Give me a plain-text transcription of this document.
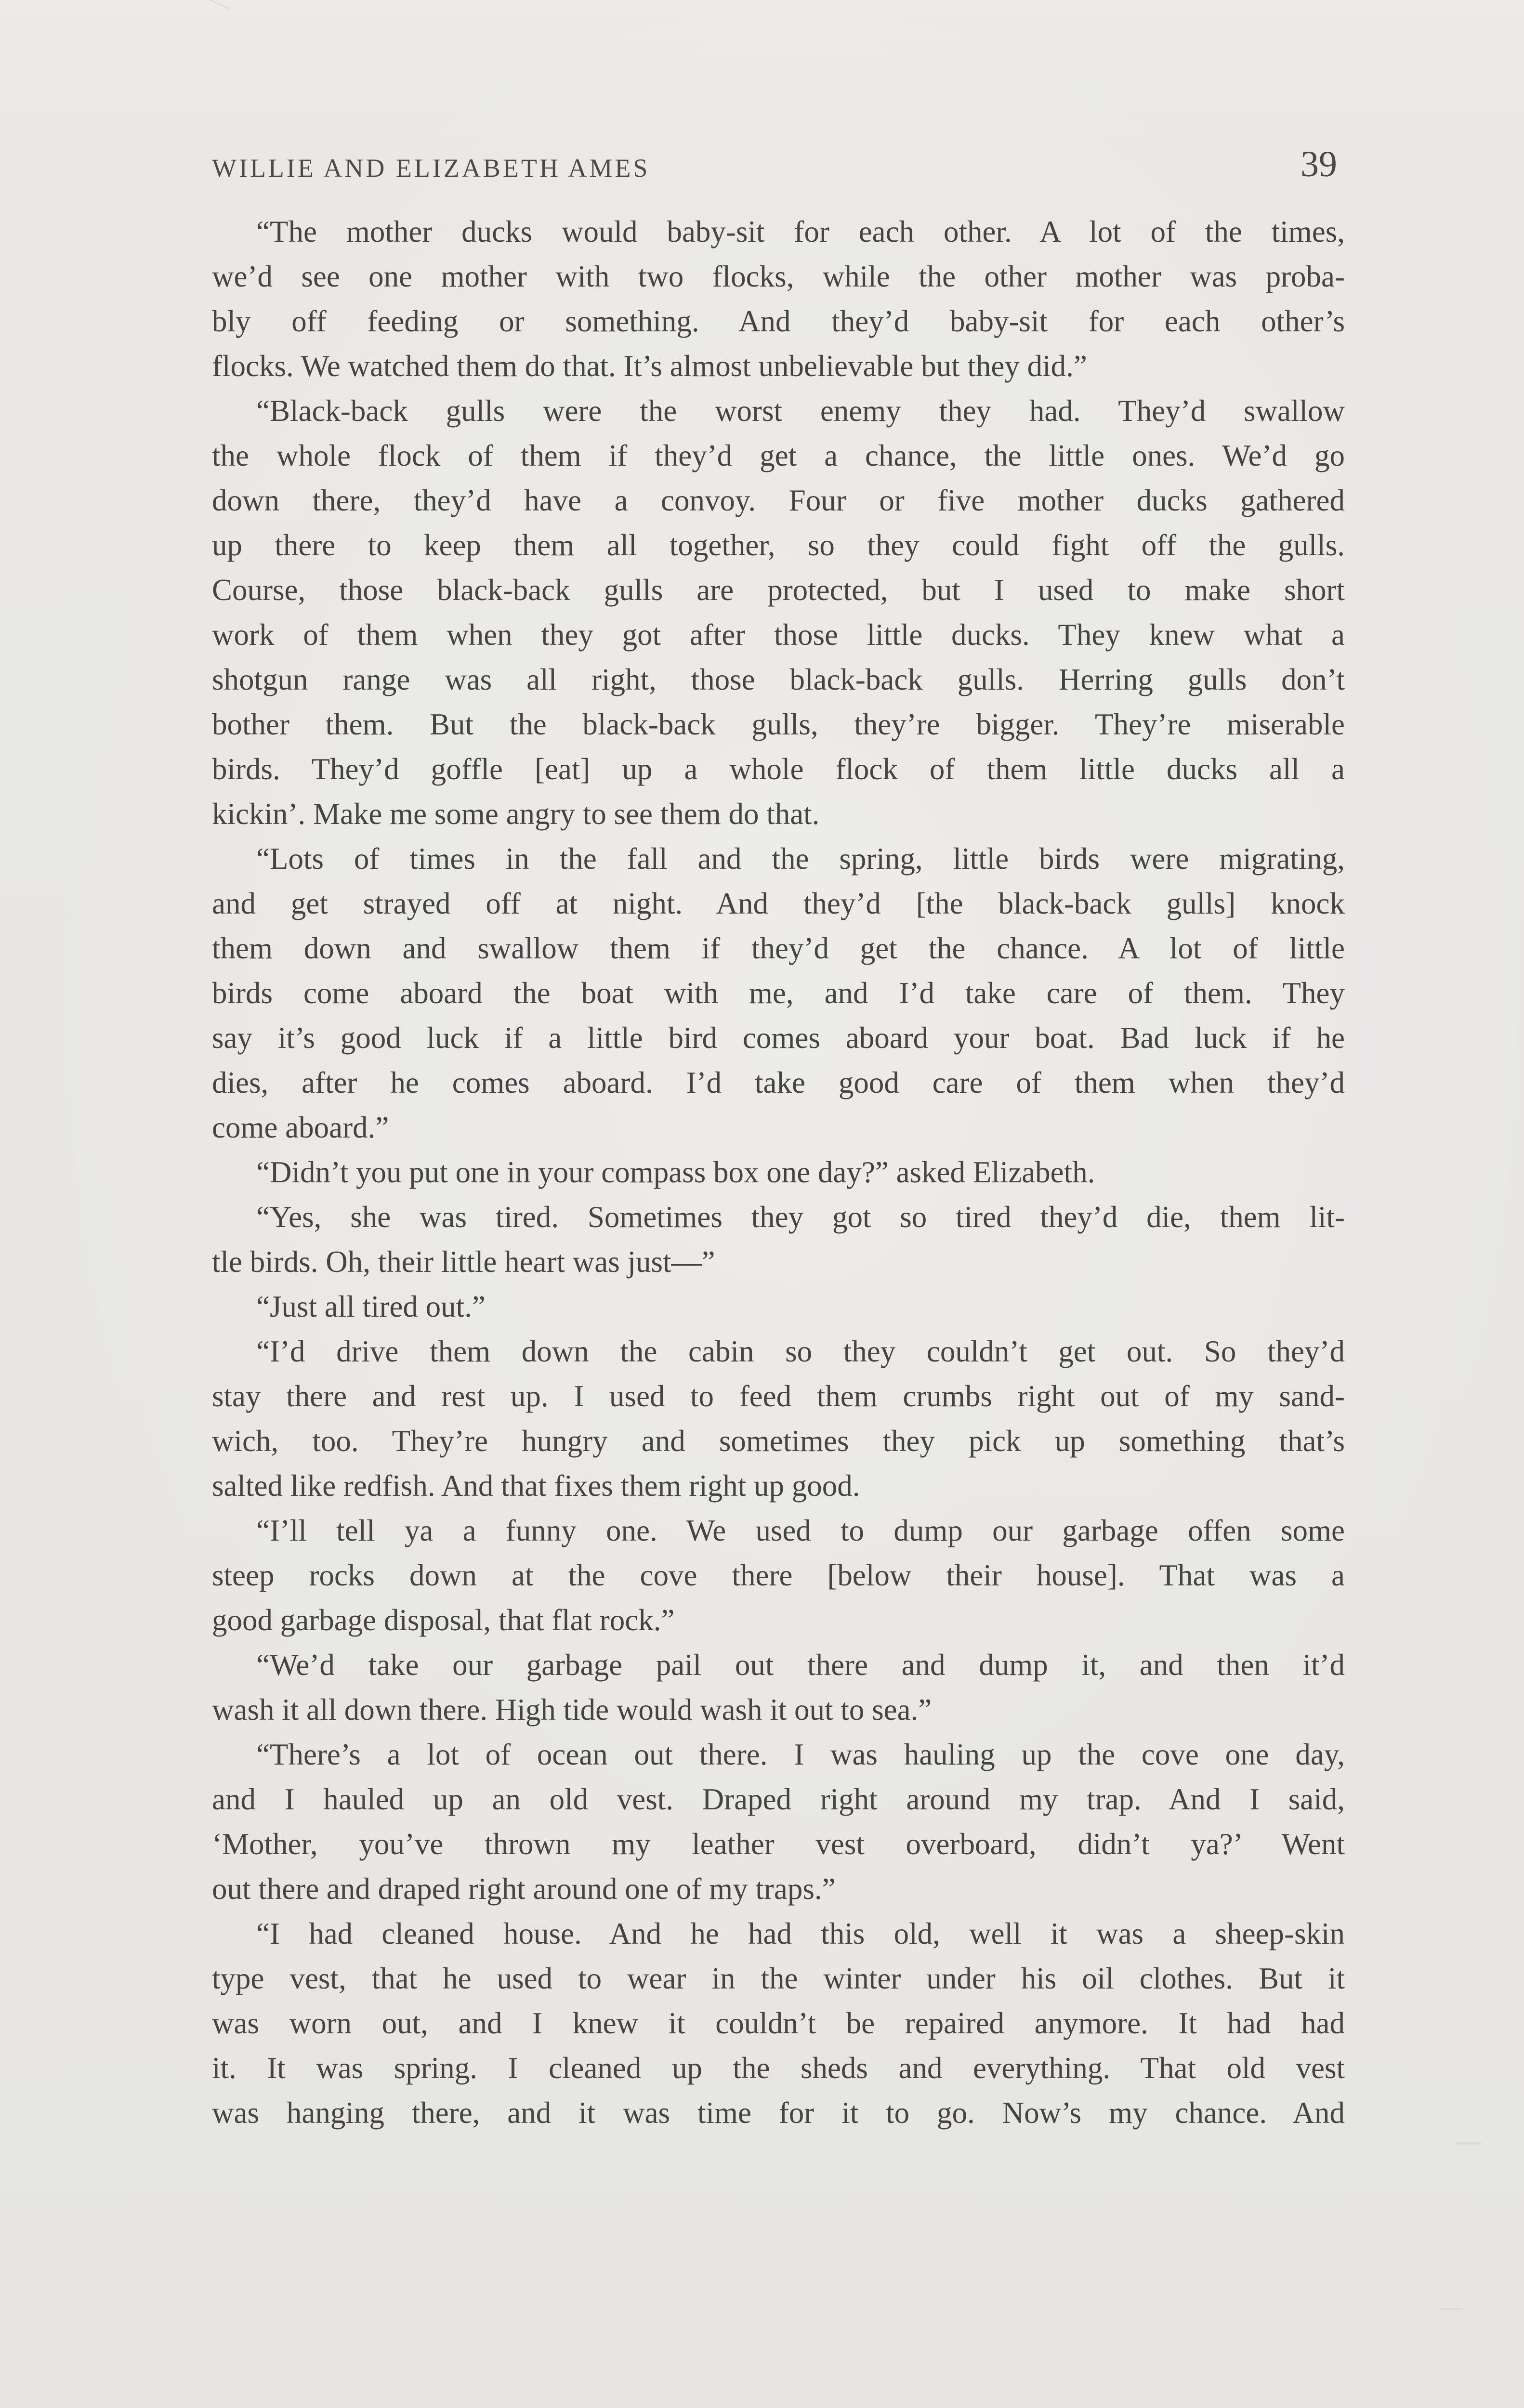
WILLIE AND ELIZABETH AMES	39
“The mother ducks would baby-sit for each other. A lot of the times,
we’d see one mother with two flocks, while the other mother was proba-
bly off feeding or something. And they’d baby-sit for each other’s
flocks. We watched them do that. It’s almost unbelievable but they did.”
“Black-back gulls were the worst enemy they had. They’d swallow
the whole flock of them if they’d get a chance, the little ones. We’d go
down there, they’d have a convoy. Four or five mother ducks gathered
up there to keep them all together, so they could fight off the gulls.
Course, those black-back gulls are protected, but I used to make short
work of them when they got after those little ducks. They knew what a
shotgun range was all right, those black-back gulls. Herring gulls don’t
bother them. But the black-back gulls, they’re bigger. They’re miserable
birds. They’d goffle [eat] up a whole flock of them little ducks all a
kickin’. Make me some angry to see them do that.
“Lots of times in the fall and the spring, little birds were migrating,
and get strayed off at night. And they’d [the black-back gulls] knock
them down and swallow them if they’d get the chance. A lot of little
birds come aboard the boat with me, and I’d take care of them. They
say it’s good luck if a little bird comes aboard your boat. Bad luck if he
dies, after he comes aboard. I’d take good care of them when they’d
come aboard.”
“Didn’t you put one in your compass box one day?” asked Elizabeth.
“Yes, she was tired. Sometimes they got so tired they’d die, them lit-
tle birds. Oh, their little heart was just—”
“Just all tired out.”
“I’d drive them down the cabin so they couldn’t get out. So they’d
stay there and rest up. I used to feed them crumbs right out of my sand-
wich, too. They’re hungry and sometimes they pick up something that’s
salted like redfish. And that fixes them right up good.
“I’ll tell ya a funny one. We used to dump our garbage offen some
steep rocks down at the cove there [below their house]. That was a
good garbage disposal, that flat rock.”
“We’d take our garbage pail out there and dump it, and then it’d
wash it all down there. High tide would wash it out to sea.”
“There’s a lot of ocean out there. I was hauling up the cove one day,
and I hauled up an old vest. Draped right around my trap. And I said,
‘Mother, you’ve thrown my leather vest overboard, didn’t ya?’ Went
out there and draped right around one of my traps.”
“I had cleaned house. And he had this old, well it was a sheep-skin
type vest, that he used to wear in the winter under his oil clothes. But it
was worn out, and I knew it couldn’t be repaired anymore. It had had
it. It was spring. I cleaned up the sheds and everything. That old vest
was hanging there, and it was time for it to go. Now’s my chance. And
